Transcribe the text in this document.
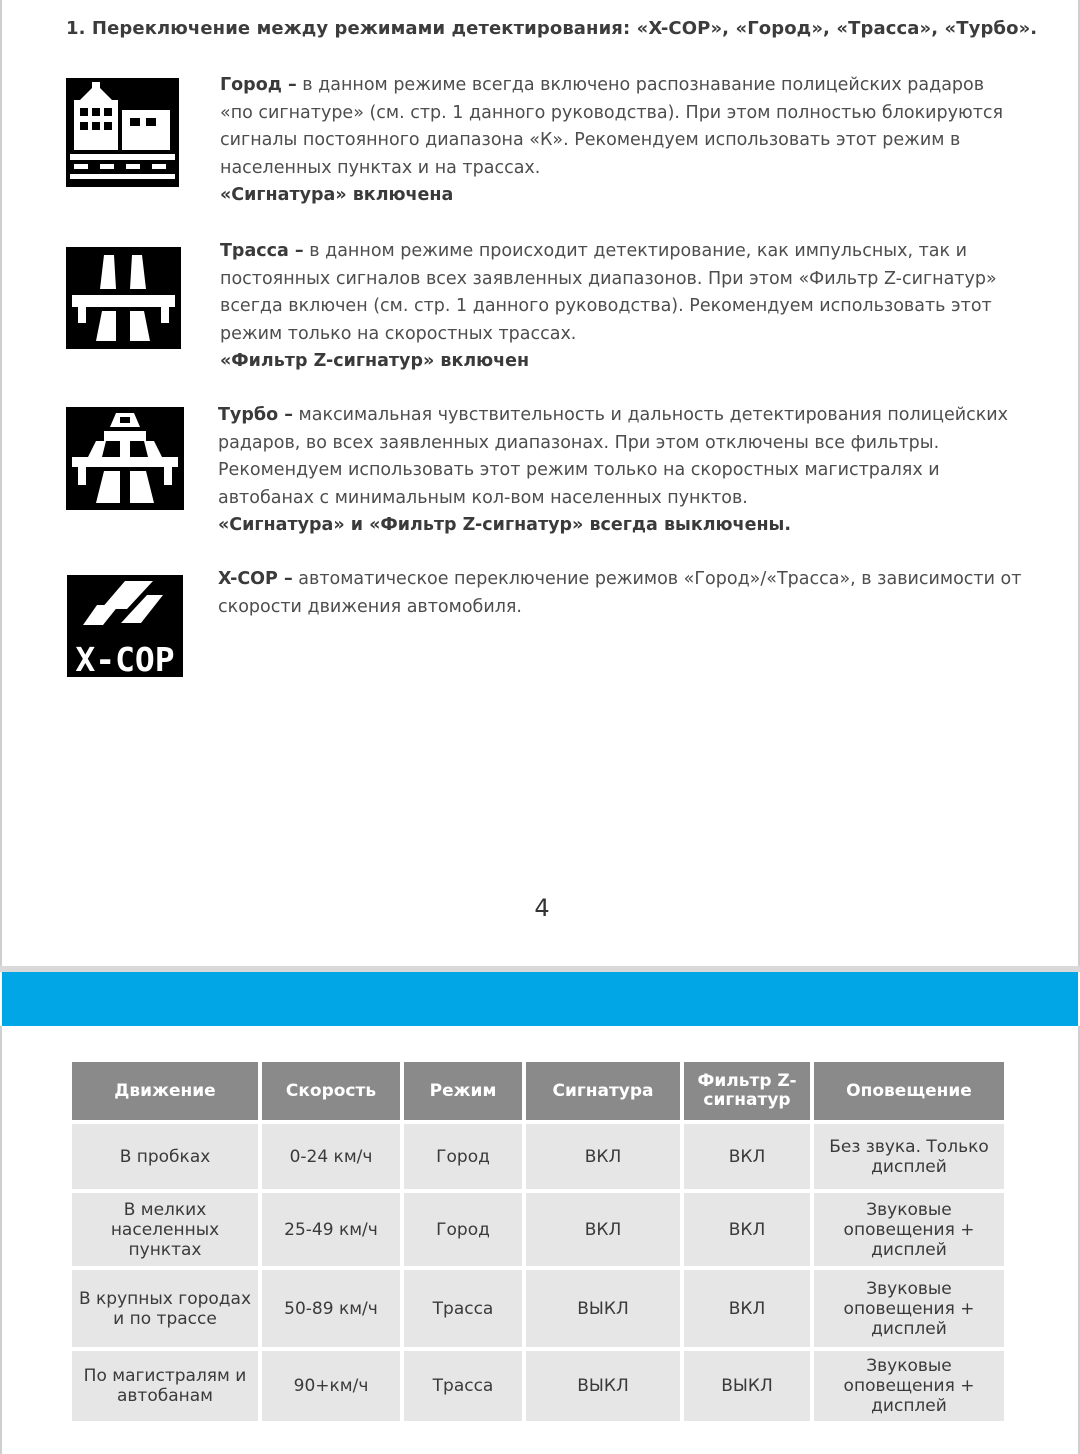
1. Переключение между режимами детектирования: «X-COP», «Город», «Трасса», «Турбо».
Город – в данном режиме всегда включено распознавание полицейских радаров «по сигнатуре» (см. стр. 1 данного руководства). При этом полностью блокируются сигналы постоянного диапазона «К». Рекомендуем использовать этот режим в населенных пунктах и на трассах.
«Сигнатура» включена
Трасса – в данном режиме происходит детектирование, как импульсных, так и постоянных сигналов всех заявленных диапазонов. При этом «Фильтр Z-сигнатур» всегда включен (см. стр. 1 данного руководства). Рекомендуем использовать этот режим только на скоростных трассах.
«Фильтр Z-сигнатур» включен
Турбо – максимальная чувствительность и дальность детектирования полицейских радаров, во всех заявленных диапазонах. При этом отключены все фильтры. Рекомендуем использовать этот режим только на скоростных магистралях и автобанах с минимальным кол-вом населенных пунктов.
«Сигнатура» и «Фильтр Z-сигнатур» всегда выключены.
X-COP
X-COP – автоматическое переключение режимов «Город»/«Трасса», в зависимости от скорости движения автомобиля.
4
Движение	Скорость	Режим	Сигнатура	Фильтр Z-сигнатур	Оповещение
В пробках	0-24 км/ч	Город	ВКЛ	ВКЛ	Без звука. Только дисплей
В мелких населенных пунктах	25-49 км/ч	Город	ВКЛ	ВКЛ	Звуковые оповещения + дисплей
В крупных городах и по трассе	50-89 км/ч	Трасса	ВЫКЛ	ВКЛ	Звуковые оповещения + дисплей
По магистралям и автобанам	90+км/ч	Трасса	ВЫКЛ	ВЫКЛ	Звуковые оповещения + дисплей
